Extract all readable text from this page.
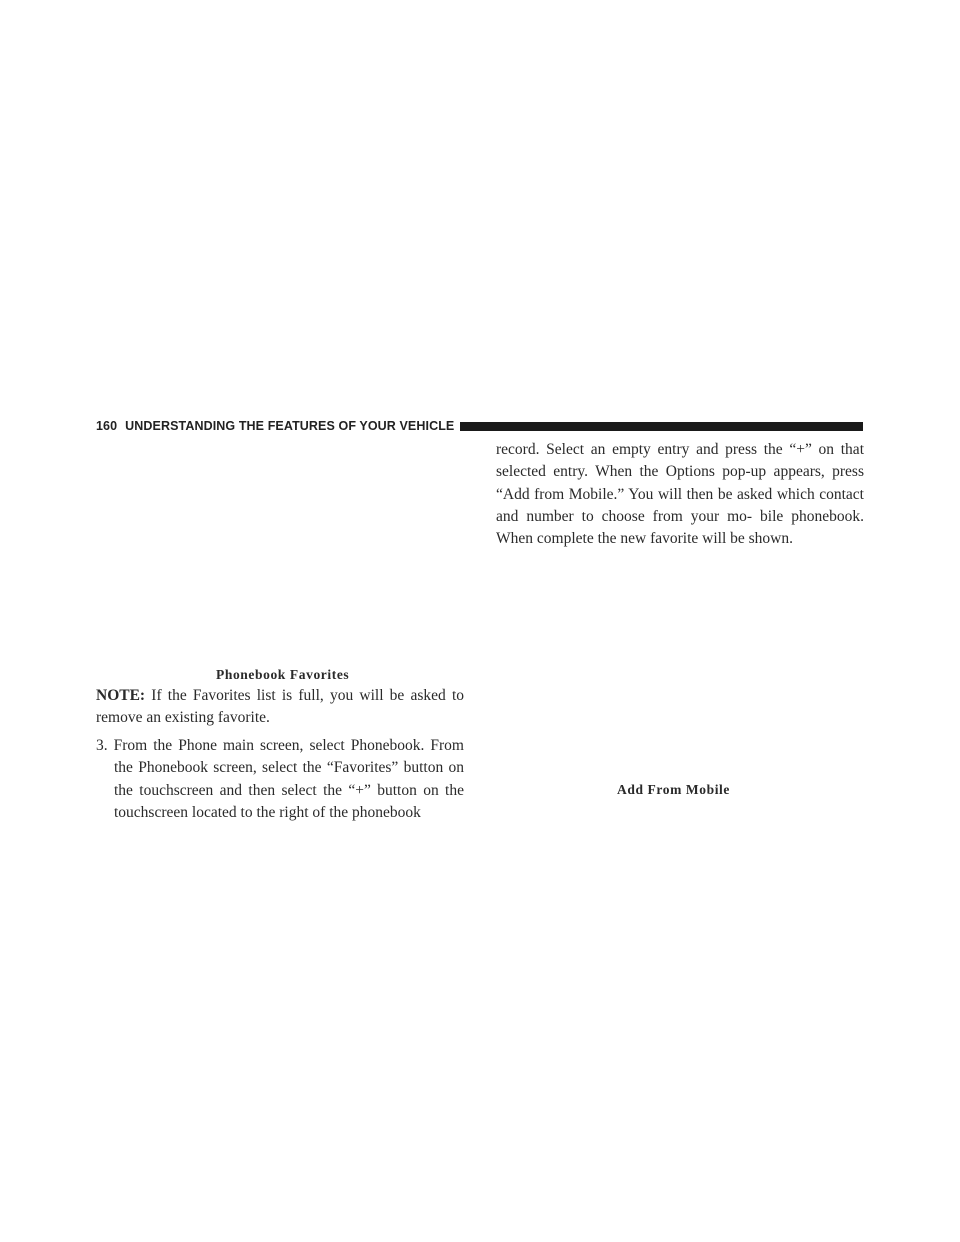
160 UNDERSTANDING THE FEATURES OF YOUR VEHICLE
Phonebook Favorites

NOTE: If the Favorites list is full, you will be asked to remove an existing favorite.

3. From the Phone main screen, select Phonebook. From the Phonebook screen, select the “Favorites” button on the touchscreen and then select the “+” button on the touchscreen located to the right of the phonebook

record. Select an empty entry and press the “+” on that selected entry. When the Options pop-up appears, press “Add from Mobile.” You will then be asked which contact and number to choose from your mo- bile phonebook. When complete the new favorite will be shown.

Add From Mobile
